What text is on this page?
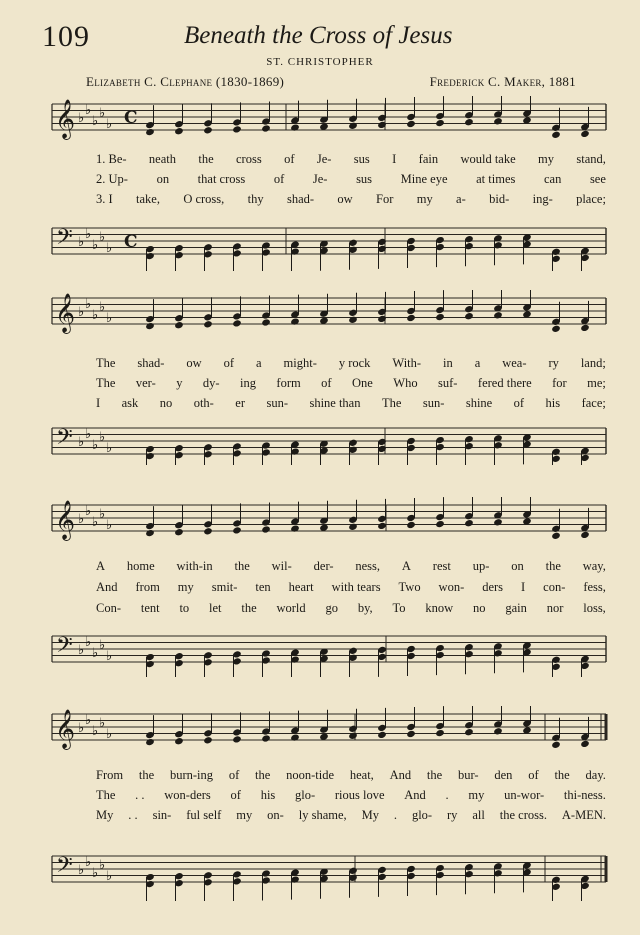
109	Beneath the Cross of Jesus
ST. CHRISTOPHER
Elizabeth C. Clephane (1830-1869)	Frederick C. Maker, 1881
𝄞
𝄢
♭
♭
♭
♭
♭
♭
♭
♭
♭
♭
C
C
1. Be- neath the cross of Je- sus I fain would take my stand,
2. Up- on that cross of Je- sus Mine eye at times can see
3. I take, O cross, thy shad- ow For my a- bid- ing- place;
𝄞
𝄢
♭
♭
♭
♭
♭
♭
♭
♭
♭
♭
The shad- ow of a might- y rock With- in a wea- ry land;
The ver- y dy- ing form of One Who suf- fered there for me;
I ask no oth- er sun- shine than The sun- shine of his face;
𝄞
𝄢
♭
♭
♭
♭
♭
♭
♭
♭
♭
♭
A home with-in the wil- der- ness, A rest up- on the way,
And from my smit- ten heart with tears Two won- ders I con- fess,
Con- tent to let the world go by, To know no gain nor loss,
𝄞
𝄢
♭
♭
♭
♭
♭
♭
♭
♭
♭
♭
From the burn-ing of the noon-tide heat, And the bur- den of the day.
The . . won-ders of his glo- rious love And . my un-wor- thi-ness.
My . . sin- ful self my on- ly shame, My . glo- ry all the cross. A-MEN.
